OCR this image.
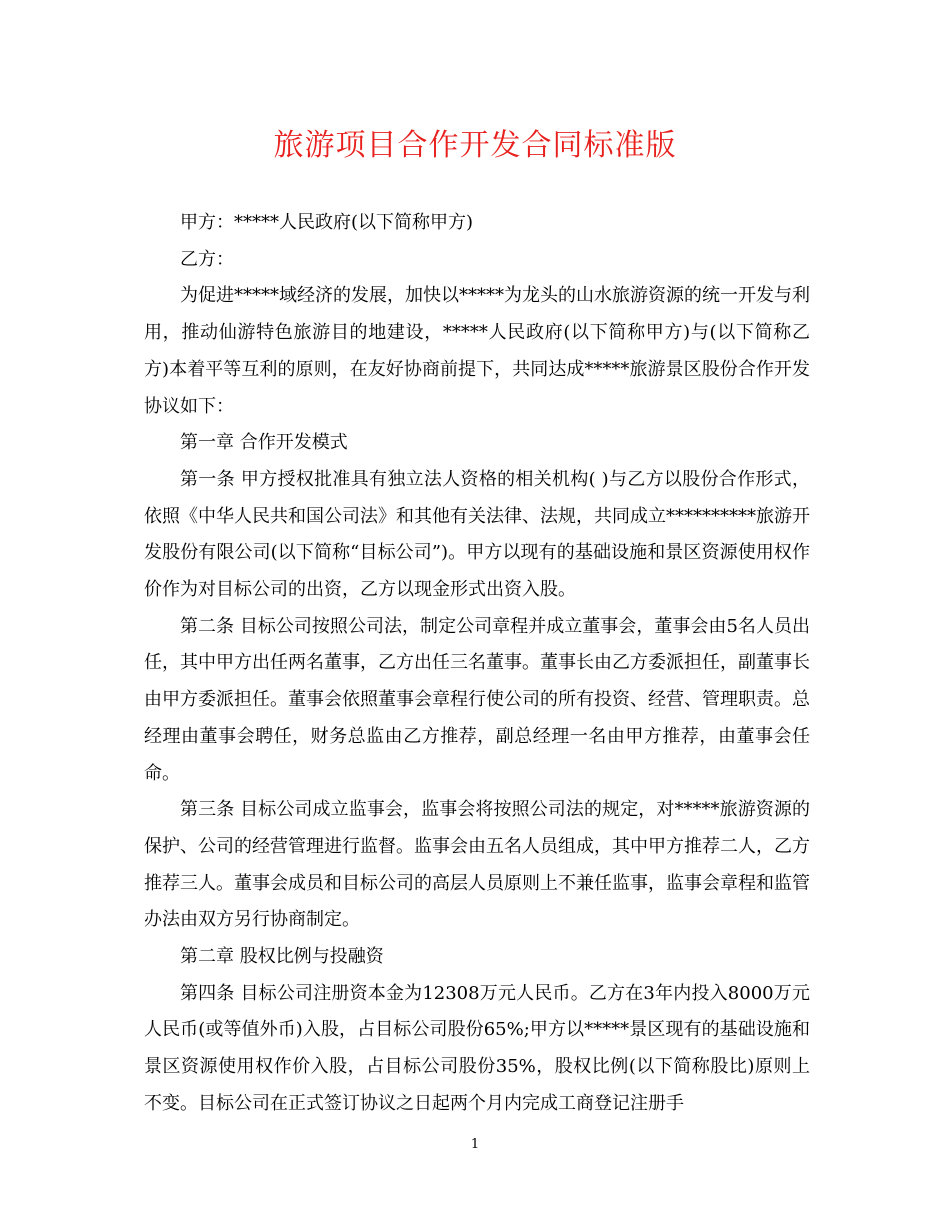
旅游项目合作开发合同标准版

甲方：*****人民政府(以下简称甲方)

乙方：

为促进*****域经济的发展，加快以*****为龙头的山水旅游资源的统一开发与利用，推动仙游特色旅游目的地建设，*****人民政府(以下简称甲方)与(以下简称乙方)本着平等互利的原则，在友好协商前提下，共同达成*****旅游景区股份合作开发协议如下：

第一章 合作开发模式

第一条 甲方授权批准具有独立法人资格的相关机构( )与乙方以股份合作形式，依照《中华人民共和国公司法》和其他有关法律、法规，共同成立**********旅游开发股份有限公司(以下简称“目标公司”)。甲方以现有的基础设施和景区资源使用权作价作为对目标公司的出资，乙方以现金形式出资入股。

第二条 目标公司按照公司法，制定公司章程并成立董事会，董事会由5名人员出任，其中甲方出任两名董事，乙方出任三名董事。董事长由乙方委派担任，副董事长由甲方委派担任。董事会依照董事会章程行使公司的所有投资、经营、管理职责。总经理由董事会聘任，财务总监由乙方推荐，副总经理一名由甲方推荐，由董事会任命。

第三条 目标公司成立监事会，监事会将按照公司法的规定，对*****旅游资源的保护、公司的经营管理进行监督。监事会由五名人员组成，其中甲方推荐二人，乙方推荐三人。董事会成员和目标公司的高层人员原则上不兼任监事，监事会章程和监管办法由双方另行协商制定。

第二章 股权比例与投融资

第四条 目标公司注册资本金为12308万元人民币。乙方在3年内投入8000万元人民币(或等值外币)入股，占目标公司股份65%;甲方以*****景区现有的基础设施和景区资源使用权作价入股，占目标公司股份35%，股权比例(以下简称股比)原则上不变。目标公司在正式签订协议之日起两个月内完成工商登记注册手

1
